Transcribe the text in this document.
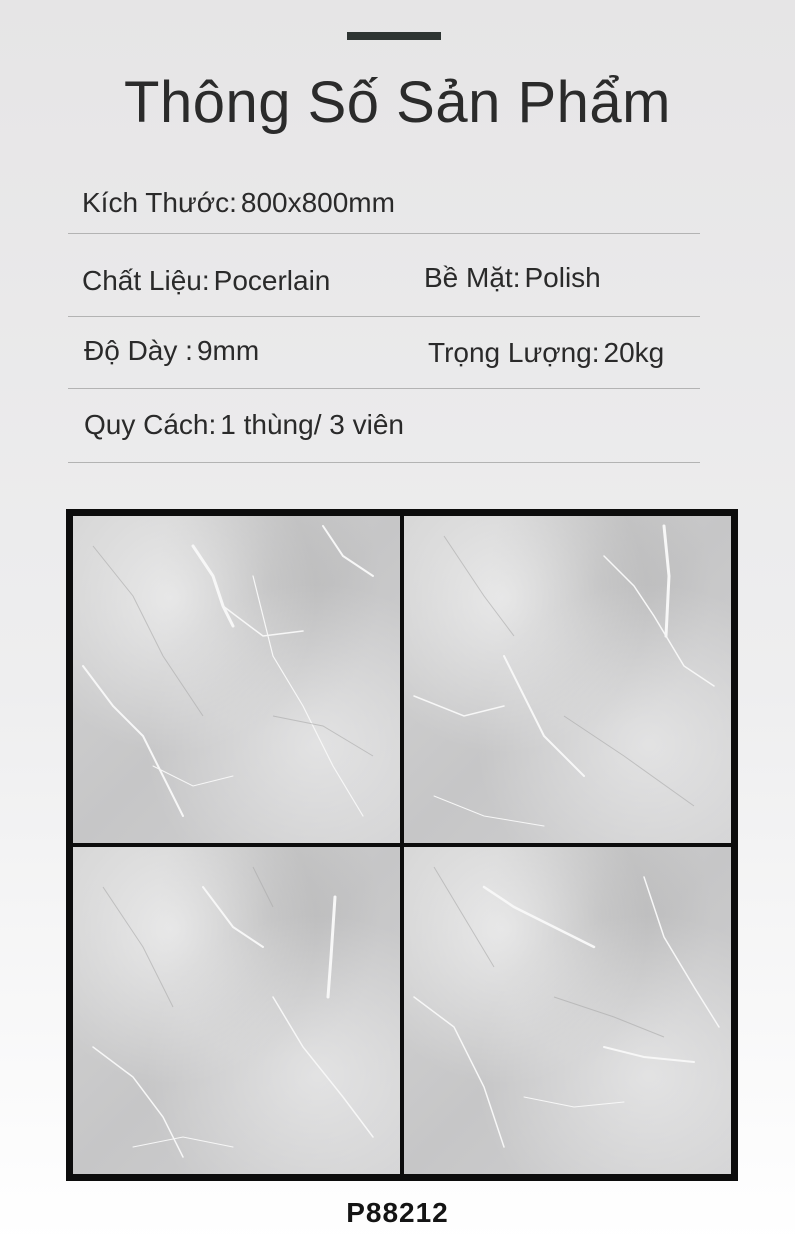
Thông Số Sản Phẩm
Kích Thước: 800x800mm
Chất Liệu: Pocerlain	Bề Mặt: Polish
Độ Dày : 9mm	Trọng Lượng: 20kg
Quy Cách: 1 thùng/ 3 viên
P88212
